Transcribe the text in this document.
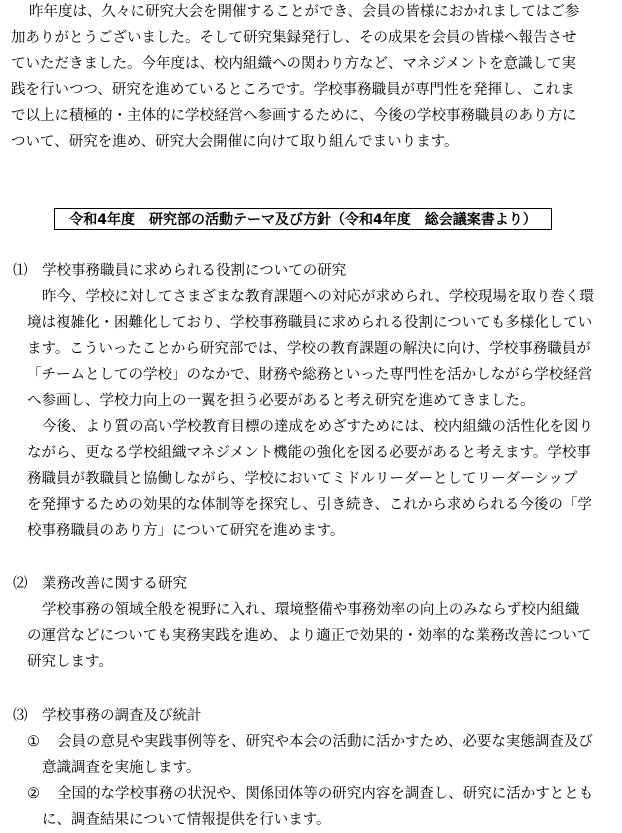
昨年度は、久々に研究大会を開催することができ、会員の皆様におかれましてはご参
加ありがとうございました。そして研究集録発行し、その成果を会員の皆様へ報告させ
ていただきました。今年度は、校内組織への関わり方など、マネジメントを意識して実
践を行いつつ、研究を進めているところです。学校事務職員が専門性を発揮し、これま
で以上に積極的・主体的に学校経営へ参画するために、今後の学校事務職員のあり方に
ついて、研究を進め、研究大会開催に向けて取り組んでまいります。
令和4年度　研究部の活動テーマ及び方針（令和4年度　総会議案書より）
⑴ 学校事務職員に求められる役割についての研究
昨今、学校に対してさまざまな教育課題への対応が求められ、学校現場を取り巻く環
境は複雑化・困難化しており、学校事務職員に求められる役割についても多様化してい
ます。こういったことから研究部では、学校の教育課題の解決に向け、学校事務職員が
「チームとしての学校」のなかで、財務や総務といった専門性を活かしながら学校経営
へ参画し、学校力向上の一翼を担う必要があると考え研究を進めてきました。
今後、より質の高い学校教育目標の達成をめざすためには、校内組織の活性化を図り
ながら、更なる学校組織マネジメント機能の強化を図る必要があると考えます。学校事
務職員が教職員と協働しながら、学校においてミドルリーダーとしてリーダーシップ
を発揮するための効果的な体制等を探究し、引き続き、これから求められる今後の「学
校事務職員のあり方」について研究を進めます。
⑵ 業務改善に関する研究
学校事務の領域全般を視野に入れ、環境整備や事務効率の向上のみならず校内組織
の運営などについても実務実践を進め、より適正で効果的・効率的な業務改善について
研究します。
⑶ 学校事務の調査及び統計
① 会員の意見や実践事例等を、研究や本会の活動に活かすため、必要な実態調査及び
意識調査を実施します。
② 全国的な学校事務の状況や、関係団体等の研究内容を調査し、研究に活かすととも
に、調査結果について情報提供を行います。
